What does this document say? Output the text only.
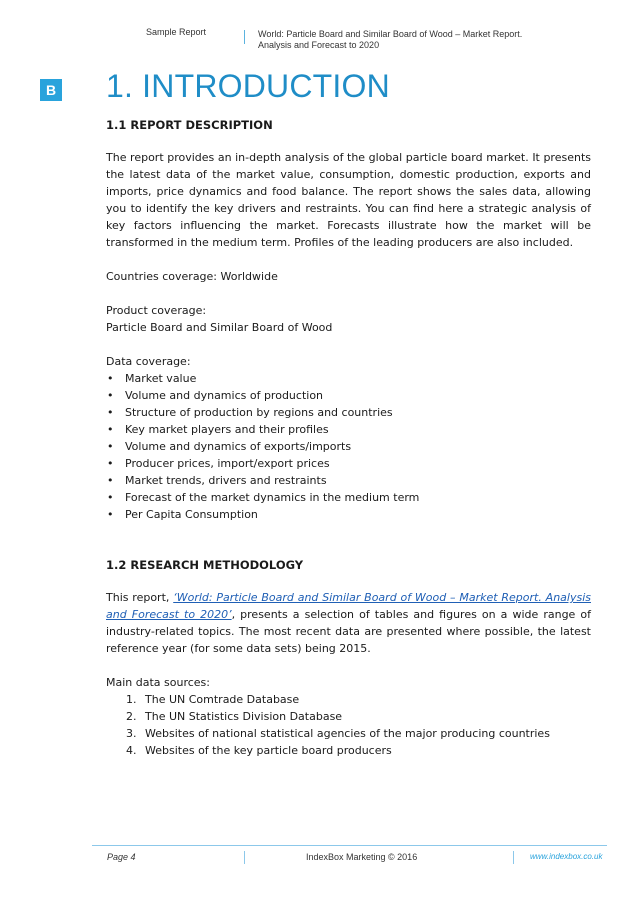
Sample Report	World: Particle Board and Similar Board of Wood – Market Report.
Analysis and Forecast to 2020
B 1. INTRODUCTION
1.1 REPORT DESCRIPTION
The report provides an in-depth analysis of the global particle board market. It presents the latest data of the market value, consumption, domestic production, exports and imports, price dynamics and food balance. The report shows the sales data, allowing you to identify the key drivers and restraints. You can find here a strategic analysis of key factors influencing the market. Forecasts illustrate how the market will be transformed in the medium term. Profiles of the leading producers are also included.
Countries coverage: Worldwide
Product coverage:
Particle Board and Similar Board of Wood
Data coverage:
• Market value
• Volume and dynamics of production
• Structure of production by regions and countries
• Key market players and their profiles
• Volume and dynamics of exports/imports
• Producer prices, import/export prices
• Market trends, drivers and restraints
• Forecast of the market dynamics in the medium term
• Per Capita Consumption
1.2 RESEARCH METHODOLOGY
This report, ‘World: Particle Board and Similar Board of Wood – Market Report. Analysis and Forecast to 2020’, presents a selection of tables and figures on a wide range of industry-related topics. The most recent data are presented where possible, the latest reference year (for some data sets) being 2015.
Main data sources:
1. The UN Comtrade Database
2. The UN Statistics Division Database
3. Websites of national statistical agencies of the major producing countries
4. Websites of the key particle board producers
Page 4	IndexBox Marketing © 2016	www.indexbox.co.uk
